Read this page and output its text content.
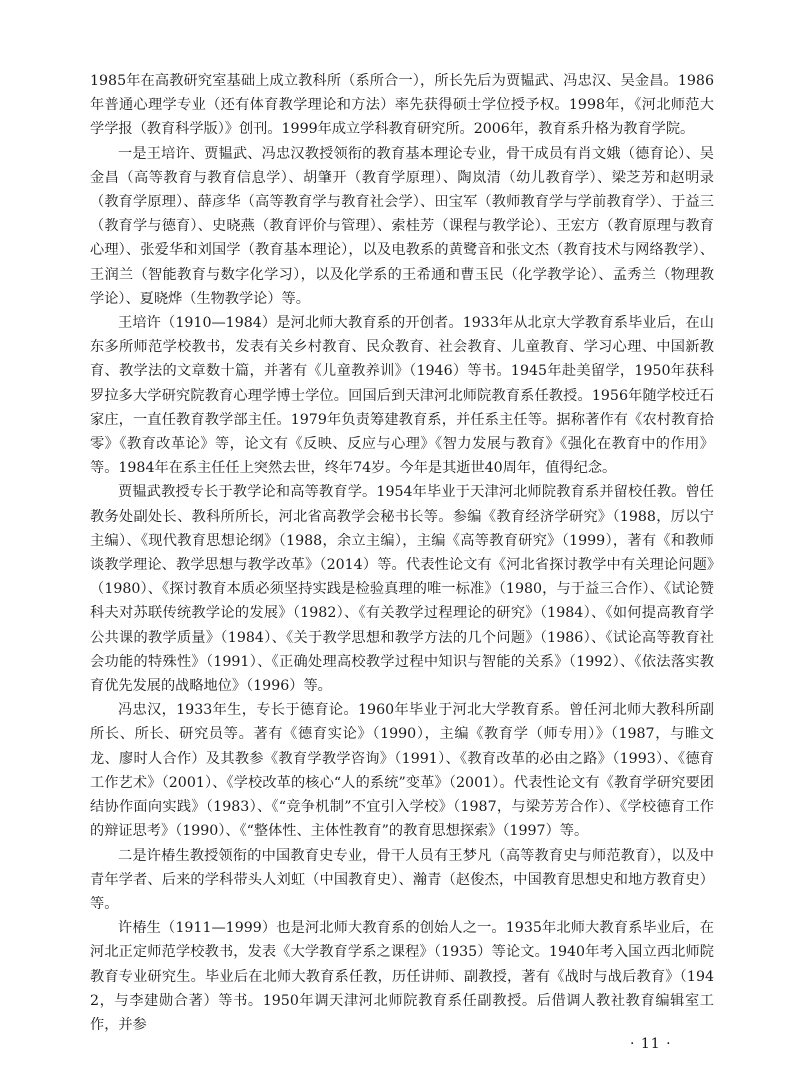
1985年在高教研究室基础上成立教科所（系所合一），所长先后为贾韫武、冯忠汉、吴金昌。1986年普通心理学专业（还有体育教学理论和方法）率先获得硕士学位授予权。1998年，《河北师范大学学报（教育科学版）》创刊。1999年成立学科教育研究所。2006年，教育系升格为教育学院。

一是王培许、贾韫武、冯忠汉教授领衔的教育基本理论专业，骨干成员有肖文娥（德育论）、吴金昌（高等教育与教育信息学）、胡肇开（教育学原理）、陶岚清（幼儿教育学）、梁芝芳和赵明录（教育学原理）、薛彦华（高等教育学与教育社会学）、田宝军（教师教育学与学前教育学）、于益三（教育学与德育）、史晓燕（教育评价与管理）、索桂芳（课程与教学论）、王宏方（教育原理与教育心理）、张爱华和刘国学（教育基本理论），以及电教系的黄鹭音和张文杰（教育技术与网络教学）、王润兰（智能教育与数字化学习），以及化学系的王希通和曹玉民（化学教学论）、孟秀兰（物理教学论）、夏晓烨（生物教学论）等。

王培许（1910—1984）是河北师大教育系的开创者。1933年从北京大学教育系毕业后，在山东多所师范学校教书，发表有关乡村教育、民众教育、社会教育、儿童教育、学习心理、中国新教育、教学法的文章数十篇，并著有《儿童教养训》（1946）等书。1945年赴美留学，1950年获科罗拉多大学研究院教育心理学博士学位。回国后到天津河北师院教育系任教授。1956年随学校迁石家庄，一直任教育教学部主任。1979年负责筹建教育系，并任系主任等。据称著作有《农村教育拾零》《教育改革论》等，论文有《反映、反应与心理》《智力发展与教育》《强化在教育中的作用》等。1984年在系主任任上突然去世，终年74岁。今年是其逝世40周年，值得纪念。

贾韫武教授专长于教学论和高等教育学。1954年毕业于天津河北师院教育系并留校任教。曾任教务处副处长、教科所所长，河北省高教学会秘书长等。参编《教育经济学研究》（1988，厉以宁主编）、《现代教育思想论纲》（1988，余立主编），主编《高等教育研究》（1999），著有《和教师谈教学理论、教学思想与教学改革》（2014）等。代表性论文有《河北省探讨教学中有关理论问题》（1980）、《探讨教育本质必须坚持实践是检验真理的唯一标准》（1980，与于益三合作）、《试论赞科夫对苏联传统教学论的发展》（1982）、《有关教学过程理论的研究》（1984）、《如何提高教育学公共课的教学质量》（1984）、《关于教学思想和教学方法的几个问题》（1986）、《试论高等教育社会功能的特殊性》（1991）、《正确处理高校教学过程中知识与智能的关系》（1992）、《依法落实教育优先发展的战略地位》（1996）等。

冯忠汉，1933年生，专长于德育论。1960年毕业于河北大学教育系。曾任河北师大教科所副所长、所长、研究员等。著有《德育实论》（1990），主编《教育学（师专用）》（1987，与睢文龙、廖时人合作）及其教参《教育学教学咨询》（1991）、《教育改革的必由之路》（1993）、《德育工作艺术》（2001）、《学校改革的核心“人的系统”变革》（2001）。代表性论文有《教育学研究要团结协作面向实践》（1983）、《“竞争机制”不宜引入学校》（1987，与梁芳芳合作）、《学校德育工作的辩证思考》（1990）、《“整体性、主体性教育”的教育思想探索》（1997）等。

二是许椿生教授领衔的中国教育史专业，骨干人员有王梦凡（高等教育史与师范教育），以及中青年学者、后来的学科带头人刘虹（中国教育史）、瀚青（赵俊杰，中国教育思想史和地方教育史）等。

许椿生（1911—1999）也是河北师大教育系的创始人之一。1935年北师大教育系毕业后，在河北正定师范学校教书，发表《大学教育学系之课程》（1935）等论文。1940年考入国立西北师院教育专业研究生。毕业后在北师大教育系任教，历任讲师、副教授，著有《战时与战后教育》（1942，与李建勋合著）等书。1950年调天津河北师院教育系任副教授。后借调人教社教育编辑室工作，并参

· 11 ·
